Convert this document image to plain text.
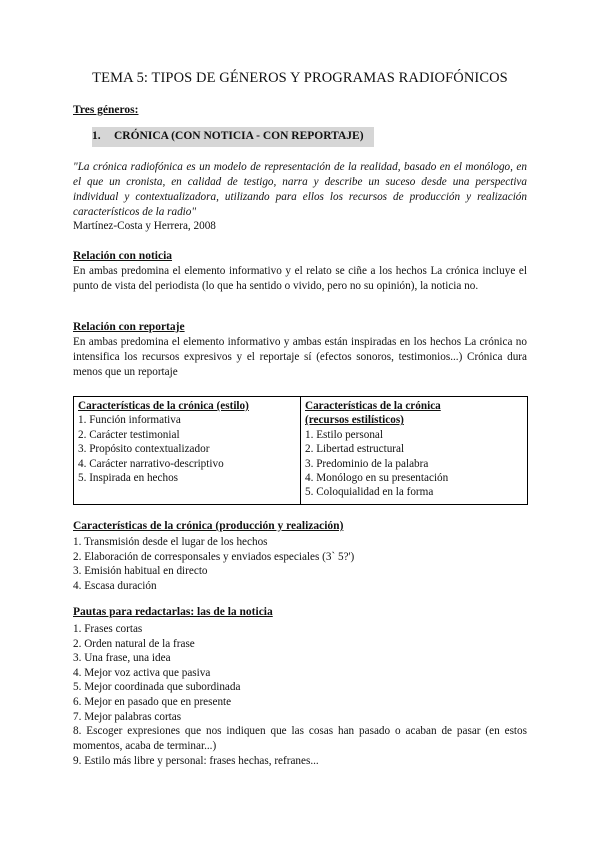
TEMA 5: TIPOS DE GÉNEROS Y PROGRAMAS RADIOFÓNICOS
Tres géneros:
1. CRÓNICA (CON NOTICIA - CON REPORTAJE)

"La crónica radiofónica es un modelo de representación de la realidad, basado en el monólogo, en el que un cronista, en calidad de testigo, narra y describe un suceso desde una perspectiva individual y contextualizadora, utilizando para ellos los recursos de producción y realización característicos de la radio"

Martínez-Costa y Herrera, 2008
Relación con noticia

En ambas predomina el elemento informativo y el relato se ciñe a los hechos La crónica incluye el punto de vista del periodista (lo que ha sentido o vivido, pero no su opinión), la noticia no.

Relación con reportaje

En ambas predomina el elemento informativo y ambas están inspiradas en los hechos La crónica no intensifica los recursos expresivos y el reportaje sí (efectos sonoros, testimonios...) Crónica dura menos que un reportaje

Características de la crónica (estilo)
1. Función informativa
2. Carácter testimonial
3. Propósito contextualizador
4. Carácter narrativo-descriptivo
5. Inspirada en hechos

Características de la crónica
(recursos estilísticos)
1. Estilo personal
2. Libertad estructural
3. Predominio de la palabra
4. Monólogo en su presentación
5. Coloquialidad en la forma
Características de la crónica (producción y realización)
1. Transmisión desde el lugar de los hechos
2. Elaboración de corresponsales y enviados especiales (3` 5?')
3. Emisión habitual en directo
4. Escasa duración
Pautas para redactarlas: las de la noticia
1. Frases cortas
2. Orden natural de la frase
3. Una frase, una idea
4. Mejor voz activa que pasiva
5. Mejor coordinada que subordinada
6. Mejor en pasado que en presente
7. Mejor palabras cortas

8. Escoger expresiones que nos indiquen que las cosas han pasado o acaban de pasar (en estos momentos, acaba de terminar...)

9. Estilo más libre y personal: frases hechas, refranes...
